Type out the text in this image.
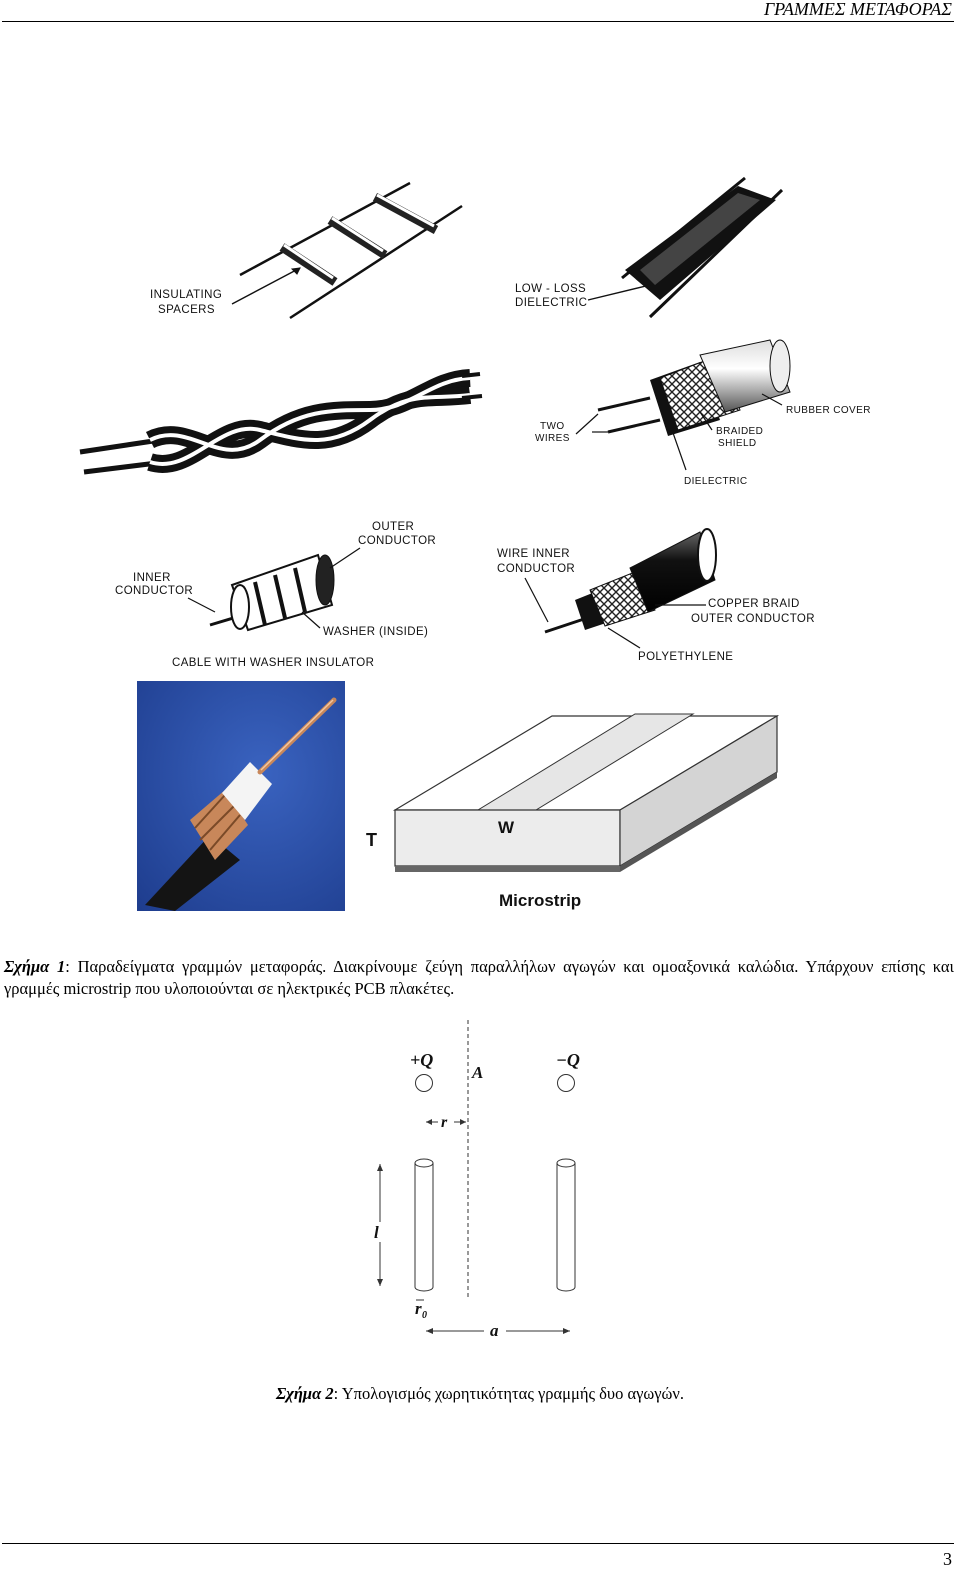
ΓΡΑΜΜΕΣ ΜΕΤΑΦΟΡΑΣ
INSULATING
SPACERS
LOW - LOSS
DIELECTRIC
TWO
WIRES
BRAIDED
SHIELD
RUBBER COVER
DIELECTRIC
OUTER
CONDUCTOR
INNER
CONDUCTOR
WASHER (INSIDE)
CABLE WITH WASHER INSULATOR
WIRE INNER
CONDUCTOR
COPPER BRAID
OUTER CONDUCTOR
POLYETHYLENE
T
W
Microstrip
Σχήμα 1: Παραδείγματα γραμμών μεταφοράς. Διακρίνουμε ζεύγη παραλλήλων αγωγών και ομοαξονικά καλώδια. Υπάρχουν επίσης και γραμμές microstrip που υλοποιούνται σε ηλεκτρικές PCB πλακέτες.
+Q	−Q
A
r
l
r 0
a
Σχήμα 2: Υπολογισμός χωρητικότητας γραμμής δυο αγωγών.
3
